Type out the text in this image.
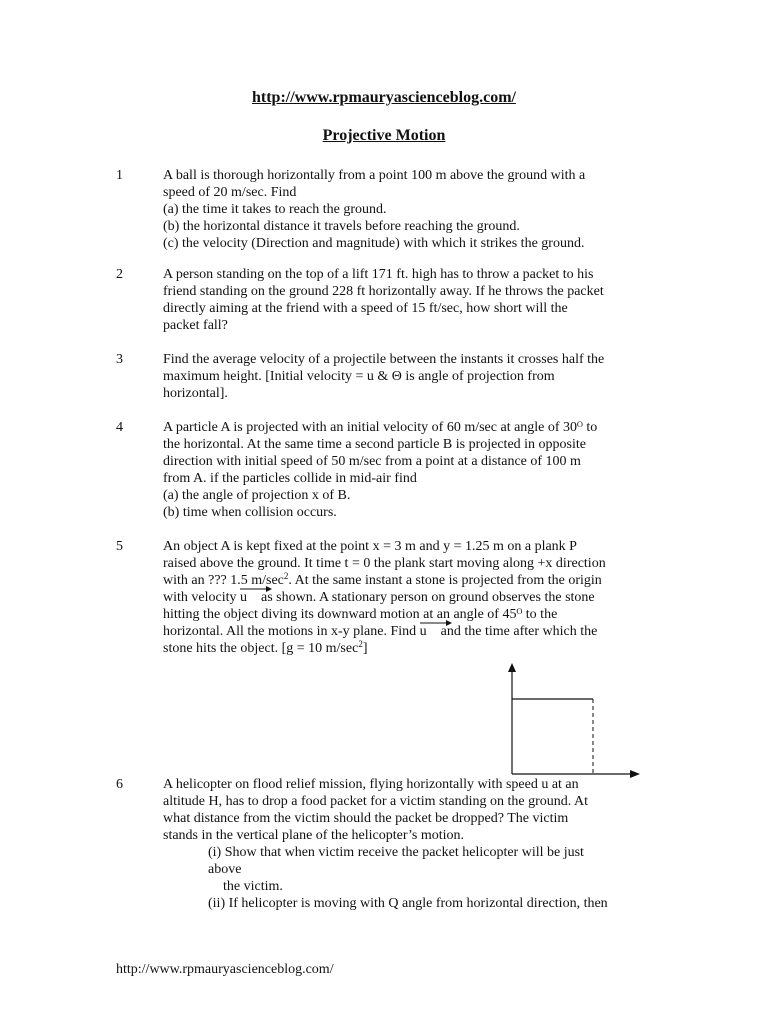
http://www.rpmauryascienceblog.com/
Projective Motion
1	A ball is thorough horizontally from a point 100 m above the ground with a
speed of 20 m/sec. Find
(a) the time it takes to reach the ground.
(b) the horizontal distance it travels before reaching the ground.
(c) the velocity (Direction and magnitude) with which it strikes the ground.
2	A person standing on the top of a lift 171 ft. high has to throw a packet to his
friend standing on the ground 228 ft horizontally away. If he throws the packet
directly aiming at the friend with a speed of 15 ft/sec, how short will the
packet fall?
3	Find the average velocity of a projectile between the instants it crosses half the
maximum height. [Initial velocity = u & Θ is angle of projection from
horizontal].
4	A particle A is projected with an initial velocity of 60 m/sec at angle of 30ᴼ to
the horizontal. At the same time a second particle B is projected in opposite
direction with initial speed of 50 m/sec from a point at a distance of 100 m
from A. if the particles collide in mid-air find
(a) the angle of projection x of B.
(b) time when collision occurs.
5	An object A is kept fixed at the point x = 3 m and y = 1.25 m on a plank P
raised above the ground. It time t = 0 the plank start moving along +x direction
with an ??? 1.5 $m/\sec^2$. At the same instant a stone is projected from the origin
with velocity
u    as shown. A stationary person on ground observes the stone
hitting the object diving its downward motion at an angle of 45ᴼ to the
horizontal. All the motions in x-y plane. Find
u    and the time after which the
stone hits the object. [g = 10 $m/\sec^2$]
6	A helicopter on flood relief mission, flying horizontally with speed u at an
altitude H, has to drop a food packet for a victim standing on the ground. At
what distance from the victim should the packet be dropped? The victim
stands in the vertical plane of the helicopter’s motion.
(i) Show that when victim receive the packet helicopter will be just
above
the victim.
(ii) If helicopter is moving with Q angle from horizontal direction, then
http://www.rpmauryascienceblog.com/
